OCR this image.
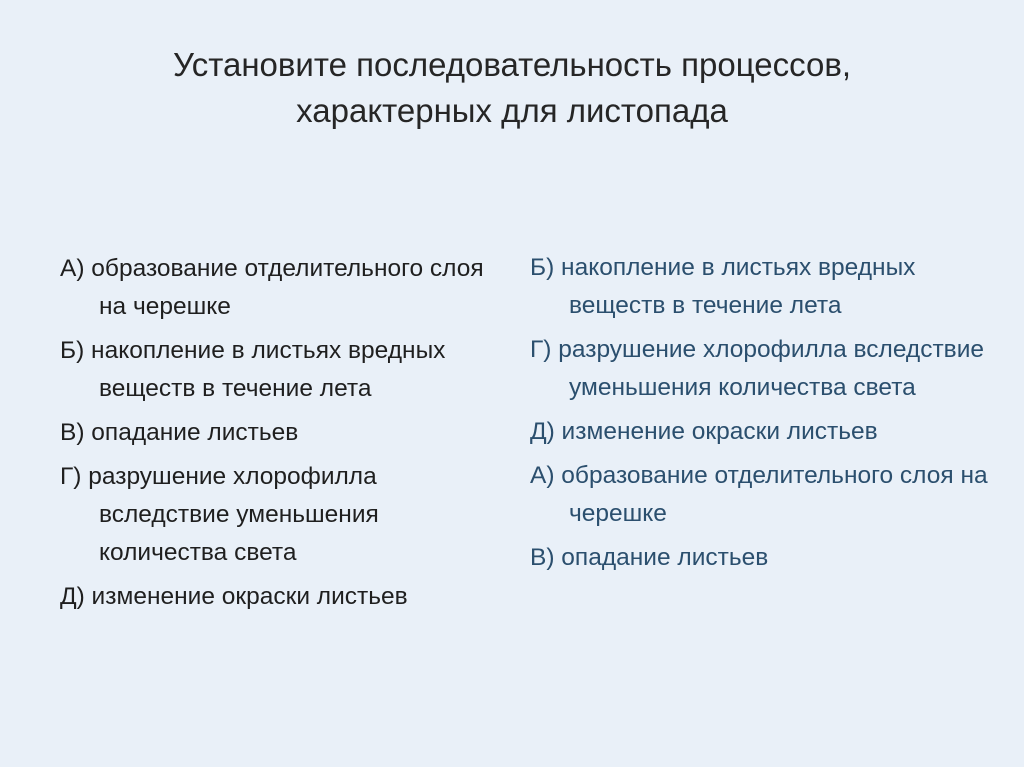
Установите последовательность процессов,
характерных для листопада
А) образование отделительного слоя на черешке
Б) накопление в листьях вредных веществ в течение лета
В) опадание листьев
Г) разрушение хлорофилла вследствие уменьшения количества света
Д) изменение окраски листьев
Б) накопление в листьях вредных веществ в течение лета
Г) разрушение хлорофилла вследствие уменьшения количества света
Д) изменение окраски листьев
А) образование отделительного слоя на черешке
В) опадание листьев
